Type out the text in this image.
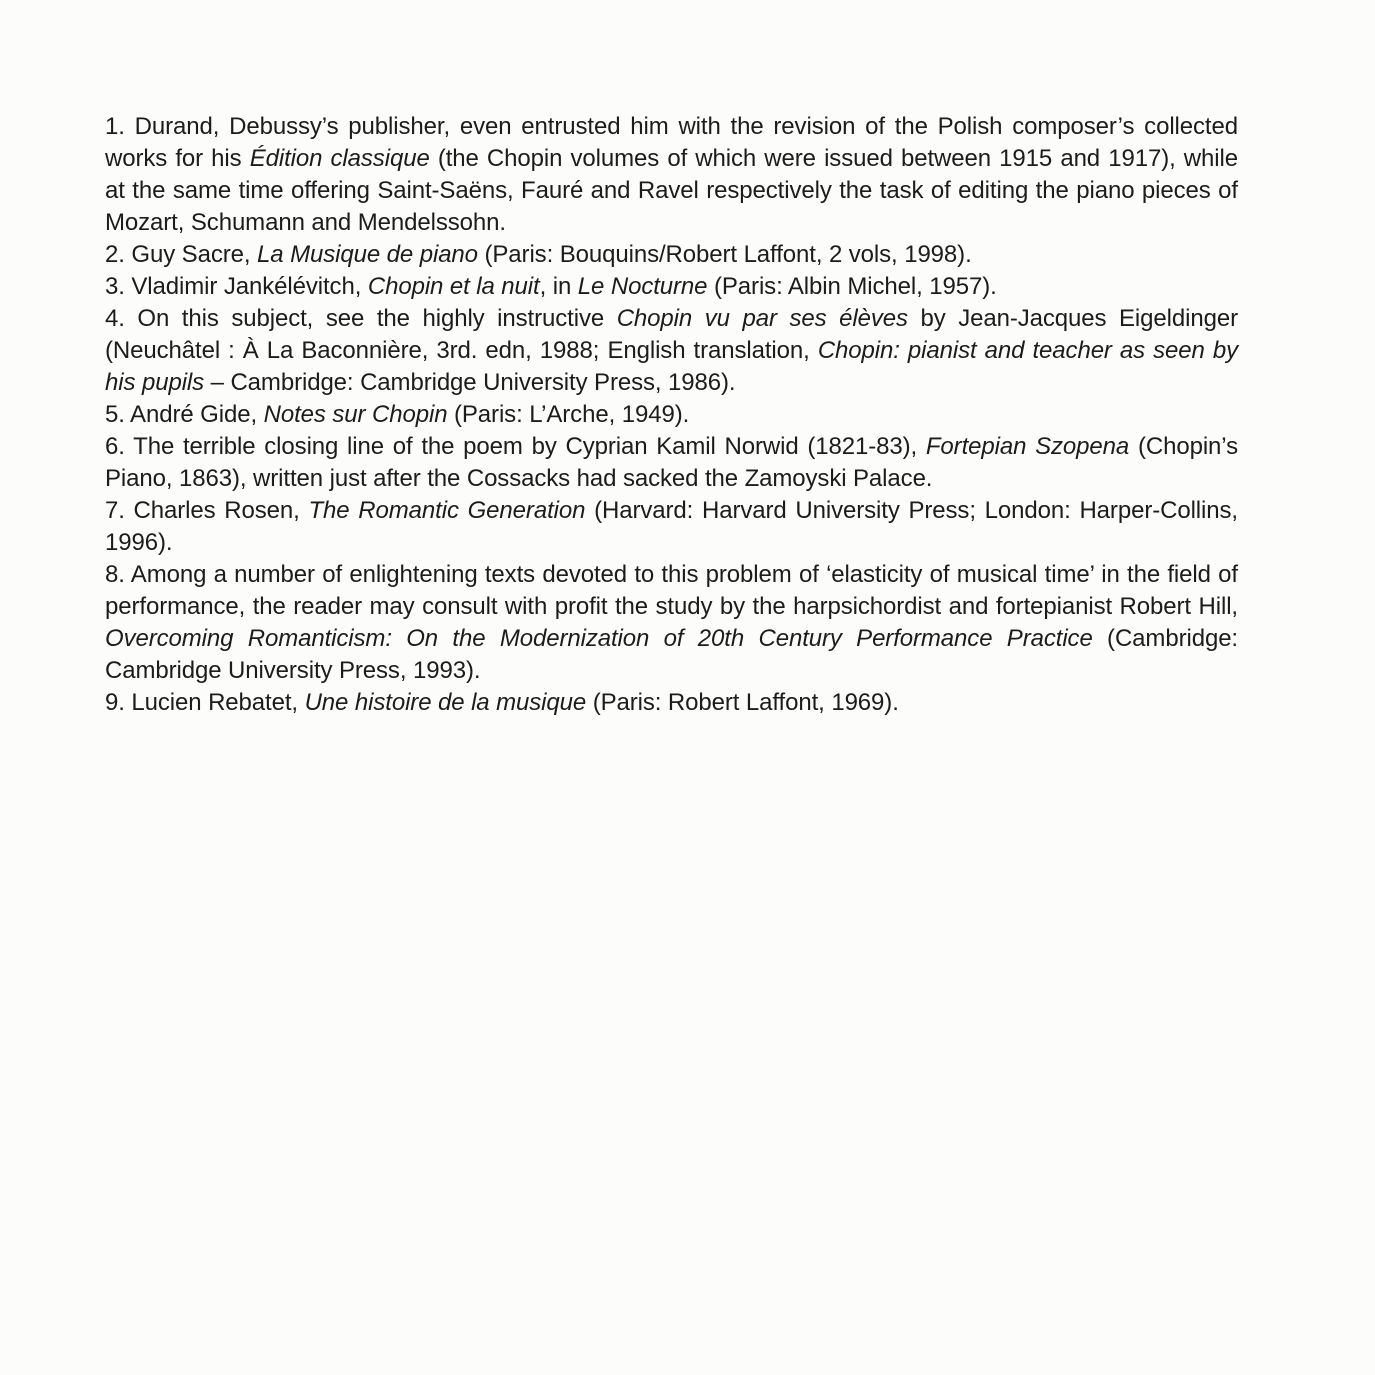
1. Durand, Debussy’s publisher, even entrusted him with the revision of the Polish composer’s collected works for his Édition classique (the Chopin volumes of which were issued between 1915 and 1917), while at the same time offering Saint-Saëns, Fauré and Ravel respectively the task of editing the piano pieces of Mozart, Schumann and Mendelssohn.

2. Guy Sacre, La Musique de piano (Paris: Bouquins/Robert Laffont, 2 vols, 1998).

3. Vladimir Jankélévitch, Chopin et la nuit, in Le Nocturne (Paris: Albin Michel, 1957).

4. On this subject, see the highly instructive Chopin vu par ses élèves by Jean-Jacques Eigeldinger (Neuchâtel : À La Baconnière, 3rd. edn, 1988; English translation, Chopin: pianist and teacher as seen by his pupils – Cambridge: Cambridge University Press, 1986).

5. André Gide, Notes sur Chopin (Paris: L’Arche, 1949).

6. The terrible closing line of the poem by Cyprian Kamil Norwid (1821-83), Fortepian Szopena (Chopin’s Piano, 1863), written just after the Cossacks had sacked the Zamoyski Palace.

7. Charles Rosen, The Romantic Generation (Harvard: Harvard University Press; London: Harper-Collins, 1996).

8. Among a number of enlightening texts devoted to this problem of ‘elasticity of musical time’ in the field of performance, the reader may consult with profit the study by the harpsichordist and fortepianist Robert Hill, Overcoming Romanticism: On the Modernization of 20th Century Performance Practice (Cambridge: Cambridge University Press, 1993).

9. Lucien Rebatet, Une histoire de la musique (Paris: Robert Laffont, 1969).
